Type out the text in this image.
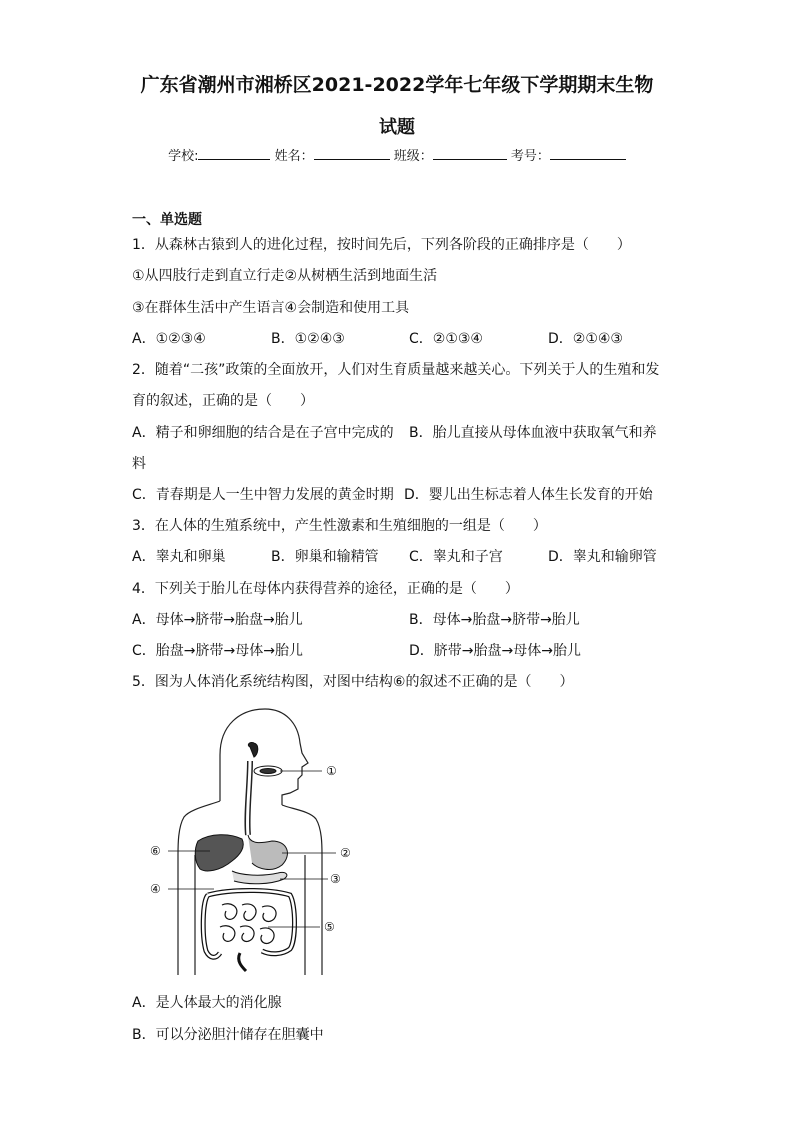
广东省潮州市湘桥区2021-2022学年七年级下学期期末生物
试题
学校:	姓名：	班级：	考号：
一、单选题
1．从森林古猿到人的进化过程，按时间先后，下列各阶段的正确排序是（　　）
①从四肢行走到直立行走②从树栖生活到地面生活
③在群体生活中产生语言④会制造和使用工具
A．①②③④	B．①②④③	C．②①③④	D．②①④③
2．随着“二孩”政策的全面放开，人们对生育质量越来越关心。下列关于人的生殖和发
育的叙述，正确的是（　　）
A．精子和卵细胞的结合是在子宫中完成的 B．胎儿直接从母体血液中获取氧气和养
料
C．青春期是人一生中智力发展的黄金时期 D．婴儿出生标志着人体生长发育的开始
3．在人体的生殖系统中，产生性激素和生殖细胞的一组是（　　）
A．睾丸和卵巢	B．卵巢和输精管 C．睾丸和子宫	D．睾丸和输卵管
4．下列关于胎儿在母体内获得营养的途径，正确的是（　　）
A．母体→脐带→胎盘→胎儿	B．母体→胎盘→脐带→胎儿
C．胎盘→脐带→母体→胎儿	D．脐带→胎盘→母体→胎儿
5．图为人体消化系统结构图，对图中结构⑥的叙述不正确的是（　　）
①
②
③
④
⑤
⑥
A．是人体最大的消化腺
B．可以分泌胆汁储存在胆囊中
